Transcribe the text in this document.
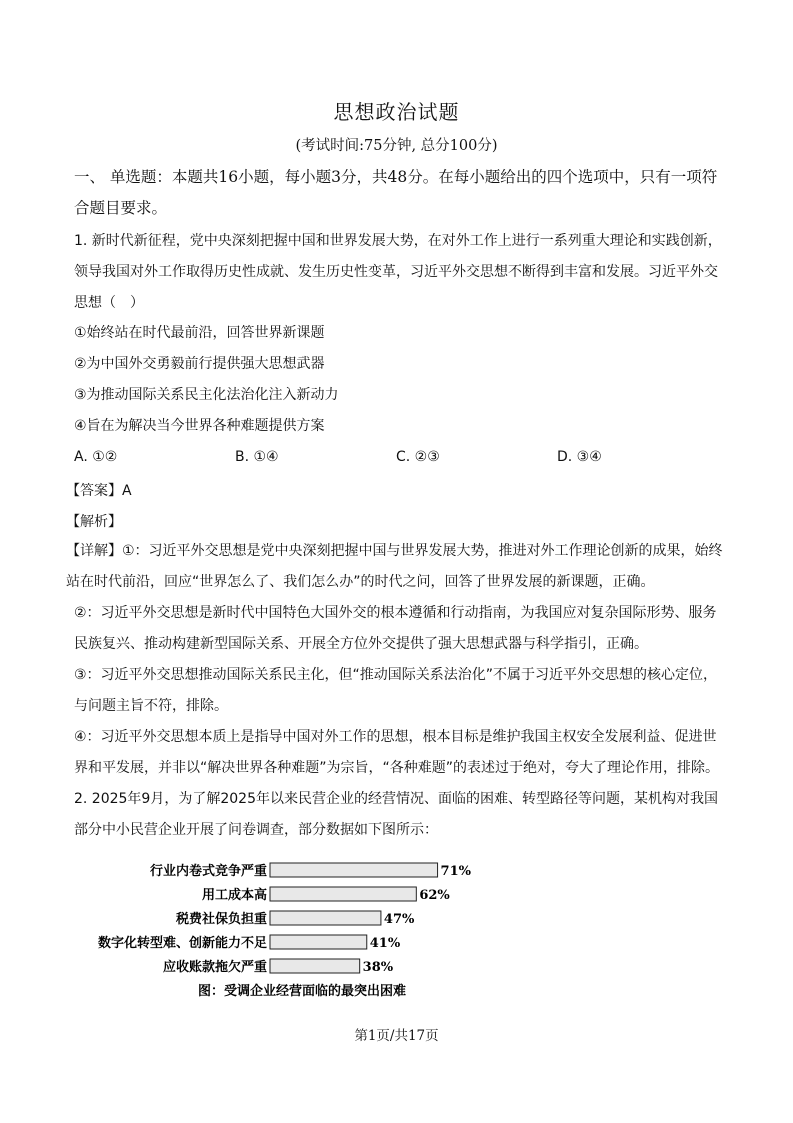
思想政治试题
(考试时间:75分钟, 总分100分)
一、 单选题：本题共16小题，每小题3分，共48分。在每小题给出的四个选项中，只有一项符合题目要求。
1. 新时代新征程，党中央深刻把握中国和世界发展大势，在对外工作上进行一系列重大理论和实践创新，领导我国对外工作取得历史性成就、发生历史性变革，习近平外交思想不断得到丰富和发展。习近平外交思想（　）
①始终站在时代最前沿，回答世界新课题
②为中国外交勇毅前行提供强大思想武器
③为推动国际关系民主化法治化注入新动力
④旨在为解决当今世界各种难题提供方案
A. ①②	B. ①④	C. ②③	D. ③④
【答案】A
【解析】
【详解】①：习近平外交思想是党中央深刻把握中国与世界发展大势，推进对外工作理论创新的成果，始终站在时代前沿，回应“世界怎么了、我们怎么办”的时代之问，回答了世界发展的新课题，正确。
②：习近平外交思想是新时代中国特色大国外交的根本遵循和行动指南，为我国应对复杂国际形势、服务民族复兴、推动构建新型国际关系、开展全方位外交提供了强大思想武器与科学指引，正确。
③：习近平外交思想推动国际关系民主化，但“推动国际关系法治化”不属于习近平外交思想的核心定位，与问题主旨不符，排除。
④：习近平外交思想本质上是指导中国对外工作的思想，根本目标是维护我国主权安全发展利益、促进世界和平发展，并非以“解决世界各种难题”为宗旨，“各种难题”的表述过于绝对，夸大了理论作用，排除。
2. 2025年9月，为了解2025年以来民营企业的经营情况、面临的困难、转型路径等问题，某机构对我国部分中小民营企业开展了问卷调查，部分数据如下图所示：
行业内卷式竞争严重	71%
用工成本高	62%
税费社保负担重	47%
数字化转型难、创新能力不足	41%
应收账款拖欠严重	38%
图：受调企业经营面临的最突出困难
第1页/共17页
